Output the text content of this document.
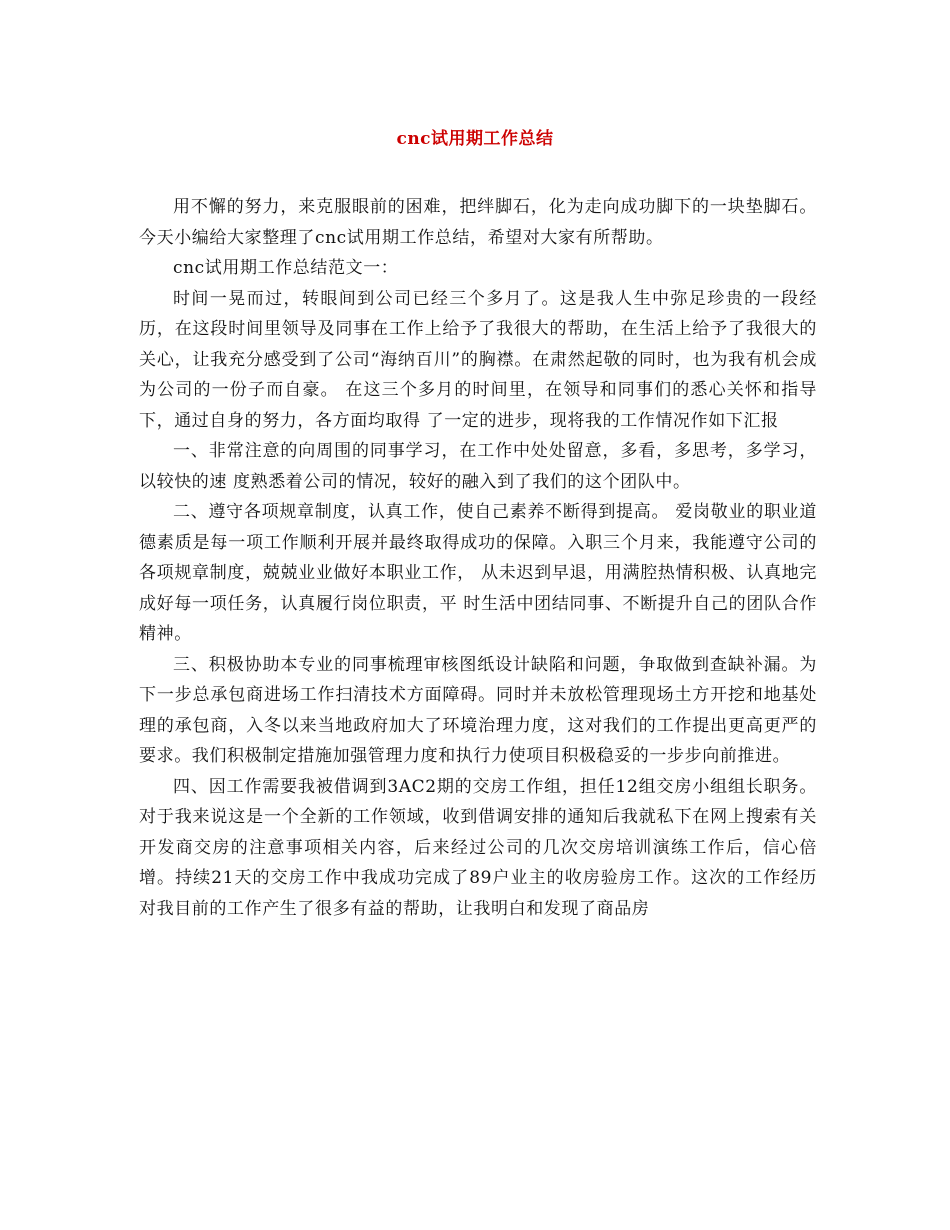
cnc试用期工作总结

用不懈的努力，来克服眼前的困难，把绊脚石，化为走向成功脚下的一块垫脚石。今天小编给大家整理了cnc试用期工作总结，希望对大家有所帮助。

cnc试用期工作总结范文一：

时间一晃而过，转眼间到公司已经三个多月了。这是我人生中弥足珍贵的一段经历，在这段时间里领导及同事在工作上给予了我很大的帮助，在生活上给予了我很大的关心，让我充分感受到了公司“海纳百川”的胸襟。在肃然起敬的同时，也为我有机会成为公司的一份子而自豪。 在这三个多月的时间里，在领导和同事们的悉心关怀和指导下，通过自身的努力，各方面均取得 了一定的进步，现将我的工作情况作如下汇报

一、非常注意的向周围的同事学习，在工作中处处留意，多看，多思考，多学习，以较快的速 度熟悉着公司的情况，较好的融入到了我们的这个团队中。

二、遵守各项规章制度，认真工作，使自己素养不断得到提高。 爱岗敬业的职业道德素质是每一项工作顺利开展并最终取得成功的保障。入职三个月来，我能遵守公司的各项规章制度，兢兢业业做好本职业工作， 从未迟到早退，用满腔热情积极、认真地完成好每一项任务，认真履行岗位职责，平 时生活中团结同事、不断提升自己的团队合作精神。

三、积极协助本专业的同事梳理审核图纸设计缺陷和问题，争取做到查缺补漏。为下一步总承包商进场工作扫清技术方面障碍。同时并未放松管理现场土方开挖和地基处理的承包商，入冬以来当地政府加大了环境治理力度，这对我们的工作提出更高更严的要求。我们积极制定措施加强管理力度和执行力使项目积极稳妥的一步步向前推进。

四、因工作需要我被借调到3AC2期的交房工作组，担任12组交房小组组长职务。对于我来说这是一个全新的工作领域，收到借调安排的通知后我就私下在网上搜索有关开发商交房的注意事项相关内容，后来经过公司的几次交房培训演练工作后，信心倍增。持续21天的交房工作中我成功完成了89户业主的收房验房工作。这次的工作经历对我目前的工作产生了很多有益的帮助，让我明白和发现了商品房
